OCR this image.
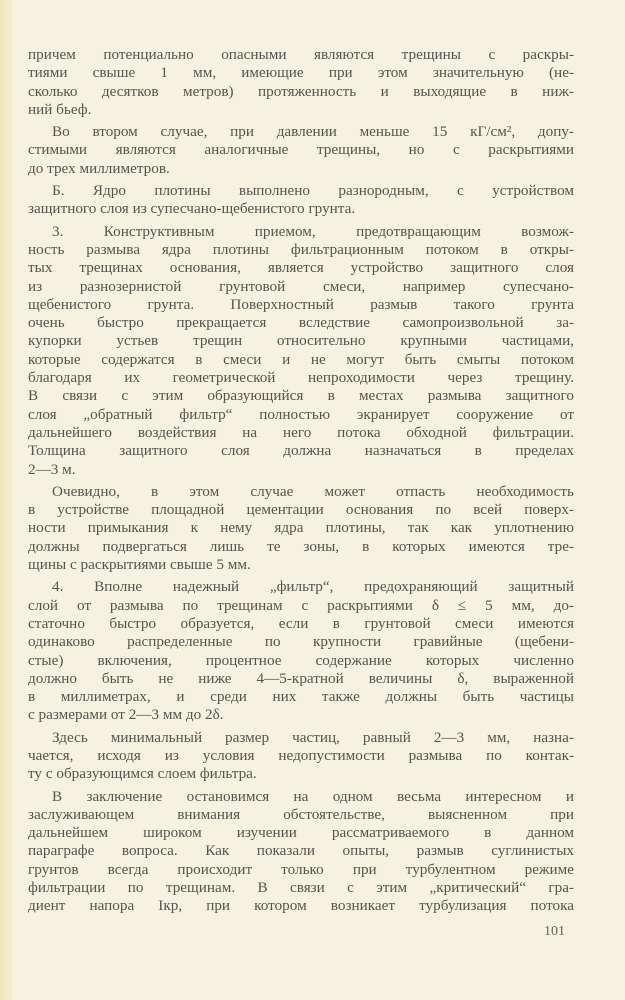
причем потенциально опасными являются трещины с раскры-
тиями свыше 1 мм, имеющие при этом значительную (не-
сколько десятков метров) протяженность и выходящие в ниж-
ний бьеф.
Во втором случае, при давлении меньше 15 кГ/см², допу-
стимыми являются аналогичные трещины, но с раскрытиями
до трех миллиметров.
Б. Ядро плотины выполнено разнородным, с устройством
защитного слоя из супесчано-щебенистого грунта.
3. Конструктивным приемом, предотвращающим возмож-
ность размыва ядра плотины фильтрационным потоком в откры-
тых трещинах основания, является устройство защитного слоя
из разнозернистой грунтовой смеси, например супесчано-
щебенистого грунта. Поверхностный размыв такого грунта
очень быстро прекращается вследствие самопроизвольной за-
купорки устьев трещин относительно крупными частицами,
которые содержатся в смеси и не могут быть смыты потоком
благодаря их геометрической непроходимости через трещину.
В связи с этим образующийся в местах размыва защитного
слоя „обратный фильтр“ полностью экранирует сооружение от
дальнейшего воздействия на него потока обходной фильтрации.
Толщина защитного слоя должна назначаться в пределах
2—3 м.
Очевидно, в этом случае может отпасть необходимость
в устройстве площадной цементации основания по всей поверх-
ности примыкания к нему ядра плотины, так как уплотнению
должны подвергаться лишь те зоны, в которых имеются тре-
щины с раскрытиями свыше 5 мм.
4. Вполне надежный „фильтр“, предохраняющий защитный
слой от размыва по трещинам с раскрытиями δ ≤ 5 мм, до-
статочно быстро образуется, если в грунтовой смеси имеются
одинаково распределенные по крупности гравийные (щебени-
стые) включения, процентное содержание которых численно
должно быть не ниже 4—5-кратной величины δ, выраженной
в миллиметрах, и среди них также должны быть частицы
с размерами от 2—3 мм до 2δ.
Здесь минимальный размер частиц, равный 2—3 мм, назна-
чается, исходя из условия недопустимости размыва по контак-
ту с образующимся слоем фильтра.
В заключение остановимся на одном весьма интересном и
заслуживающем внимания обстоятельстве, выясненном при
дальнейшем широком изучении рассматриваемого в данном
параграфе вопроса. Как показали опыты, размыв суглинистых
грунтов всегда происходит только при турбулентном режиме
фильтрации по трещинам. В связи с этим „критический“ гра-
диент напора Iкр, при котором возникает турбулизация потока
101
